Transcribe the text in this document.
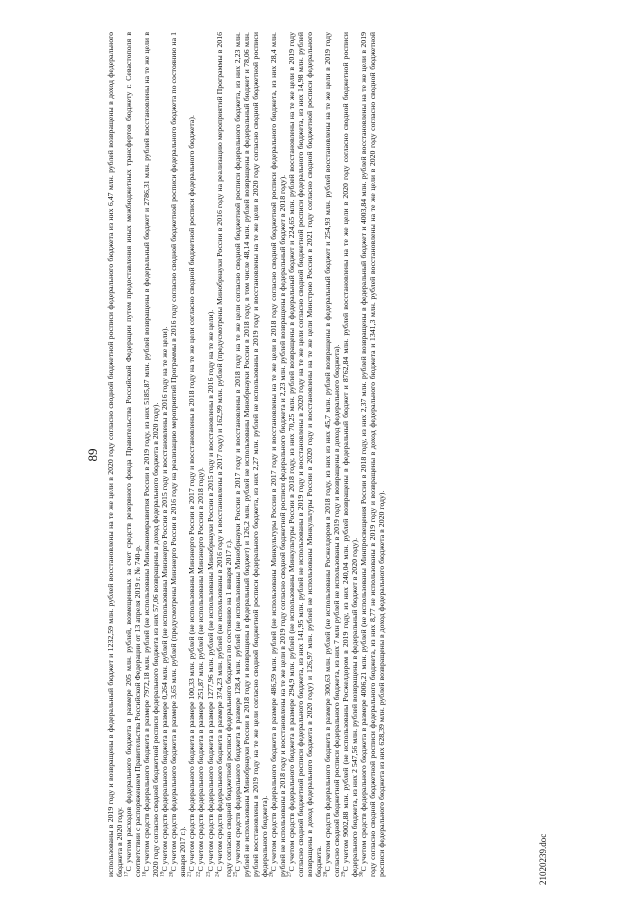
89 использованы в 2019 году и возвращены в федеральный бюджет и 1232,59 млн. рублей восстановлены на те же цели в 2020 году согласно сводной бюджетной росписи федерального бюджета из них 6,47 млн. рублей возвращены в доход федерального бюджета в 2020 году. $^{17}$С учетом расходов федерального бюджета в размере 205 млн. рублей, возмещенных за счет средств резервного фонда Правительства Российской Федерации путем предоставления иных межбюджетных трансфертов бюджету г. Севастополя в соответствии с распоряжением Правительства Российской Федерации от 13 апреля 2019 г. № 740-р. $^{18}$С учетом средств федерального бюджета в размере 7972,18 млн. рублей (не использованы Минэкономразвития России в 2019 году, из них 5185,87 млн. рублей возвращены в федеральный бюджет и 2786,31 млн. рублей восстановлены на те же цели в 2020 году согласно сводной бюджетной росписи федерального бюджета из них 57,06 возвращены в доход федерального бюджета в 2020 году). $^{19}$С учетом средств федерального бюджета в размере 0,264 млн. рублей (не использованы Минэнерго России в 2015 году и восстановлены в 2016 году на те же цели).

$^{20}$С учетом средств федерального бюджета в размере 3,65 млн. рублей (предусмотрены Минэнерго России в 2016 году на реализацию мероприятий Программы в 2016 году согласно сводной бюджетной росписи федерального бюджета по состоянию на 1 января 2017 г.). $^{21}$С учетом средств федерального бюджета в размере 100,33 млн. рублей (не использованы Минэнерго России в 2017 году и восстановлены в 2018 году на те же цели согласно сводной бюджетной росписи федерального бюджета).

$^{22}$С учетом средств федерального бюджета в размере 251,87 млн. рублей (не использованы Минэнерго России в 2018 году).

$^{23}$С учетом средств федерального бюджета в размере 1277,96 млн. рублей (не использованы Минобрнауки России в 2015 году и восстановлены в 2016 году на те же цели).

$^{24}$С учетом средств федерального бюджета в размере 374,23 млн. рублей (не использованы в 2016 году и восстановлены в 2017 году) и 162,99 млн. рублей (предусмотрены Минобрнауки России в 2016 году на реализацию мероприятий Программы в 2016 году согласно сводной бюджетной росписи федерального бюджета по состоянию на 1 января 2017 г.). $^{25}$С учетом средств федерального бюджета в размере 128,4 млн. рублей (не использованы Минобрнауки России в 2017 году и восстановлены в 2018 году на те же цели согласно сводной бюджетной росписи федерального бюджета, из них 2,23 млн. рублей не использованы Минобрнауки России в 2018 году и возвращены в федеральный бюджет) и 126,2 млн. рублей не использованы Минобрнауки России в 2018 году, в том числе 48,14 млн. рублей возвращены в федеральный бюджет и 78,06 млн. рублей восстановлены в 2019 году на те же цели согласно сводной бюджетной росписи федерального бюджета, из них 2,27 млн. рублей не использованы в 2019 году и восстановлены на те же цели в 2020 году согласно сводной бюджетной росписи федерального бюджета). $^{26}$С учетом средств федерального бюджета в размере 486,59 млн. рублей (не использованы Минкультуры России в 2017 году и восстановлены на те же цели в 2018 году согласно сводной бюджетной росписи федерального бюджета, из них 28,4 млн. рублей не использованы в 2018 году и восстановлены на те же цели в 2019 году согласно сводной бюджетной росписи федерального бюджета и 2,23 млн. рублей возвращены в федеральный бюджет в 2018 году). $^{27}$С учетом средств федерального бюджета в размере 294,9 млн. рублей (не использованы Минкультуры России в 2018 году, из них 70,25 млн. рублей возвращены в федеральный бюджет и 224,65 млн. рублей восстановлены на те же цели в 2019 году согласно сводной бюджетной росписи федерального бюджета, из них 141,95 млн. рублей не использованы в 2019 году и восстановлены в 2020 году на те же цели согласно сводной бюджетной росписи федерального бюджета, из них 14,98 млн. рублей возвращены в доход федерального бюджета в 2020 году) и 126,97 млн. рублей не использованы Минкультуры России в 2020 году и восстановлены на те же цели Минстрою России в 2021 году согласно сводной бюджетной росписи федерального бюджета. $^{28}$С учетом средств федерального бюджета в размере 300,63 млн. рублей (не использованы Росжелдором в 2018 году, из них из них 45,7 млн. рублей возвращены в федеральный бюджет и 254,93 млн. рублей восстановлены на те же цели в 2019 году согласно сводной бюджетной росписи федерального бюджета, из них 7 млн рублей не использованы в 2019 году и возвращены в доход федерального бюджета). $^{29}$С учетом 9002,88 млн. рублей (не использованы Росжелдором в 2019 году, из них 240,04 млн. рублей возвращены в федеральный бюджет и 8762,84 млн. рублей восстановлены на те же цели в 2020 году согласно сводной бюджетной росписи федерального бюджета, из них 2 547,56 млн. рублей возвращены в федеральный бюджет в 2020 году). $^{30}$С учетом средств федерального бюджета в размере 4006,21 млн. рублей (не использованы Минпросвещения России в 2018 году, из них 2,37 млн. рублей возвращены в федеральный бюджет и 4003,84 млн. рублей восстановлены на те же цели в 2019 году согласно сводной бюджетной росписи федерального бюджета, из них 8,77 не использованы в 2019 году и возвращены в доход федерального бюджета и 1341,3 млн. рублей восстановлены на те же цели в 2020 году согласно сводной бюджетной росписи федерального бюджета из них 628,39 млн. рублей возвращены в доход федерального бюджета в 2020 году).	21020239.doc
